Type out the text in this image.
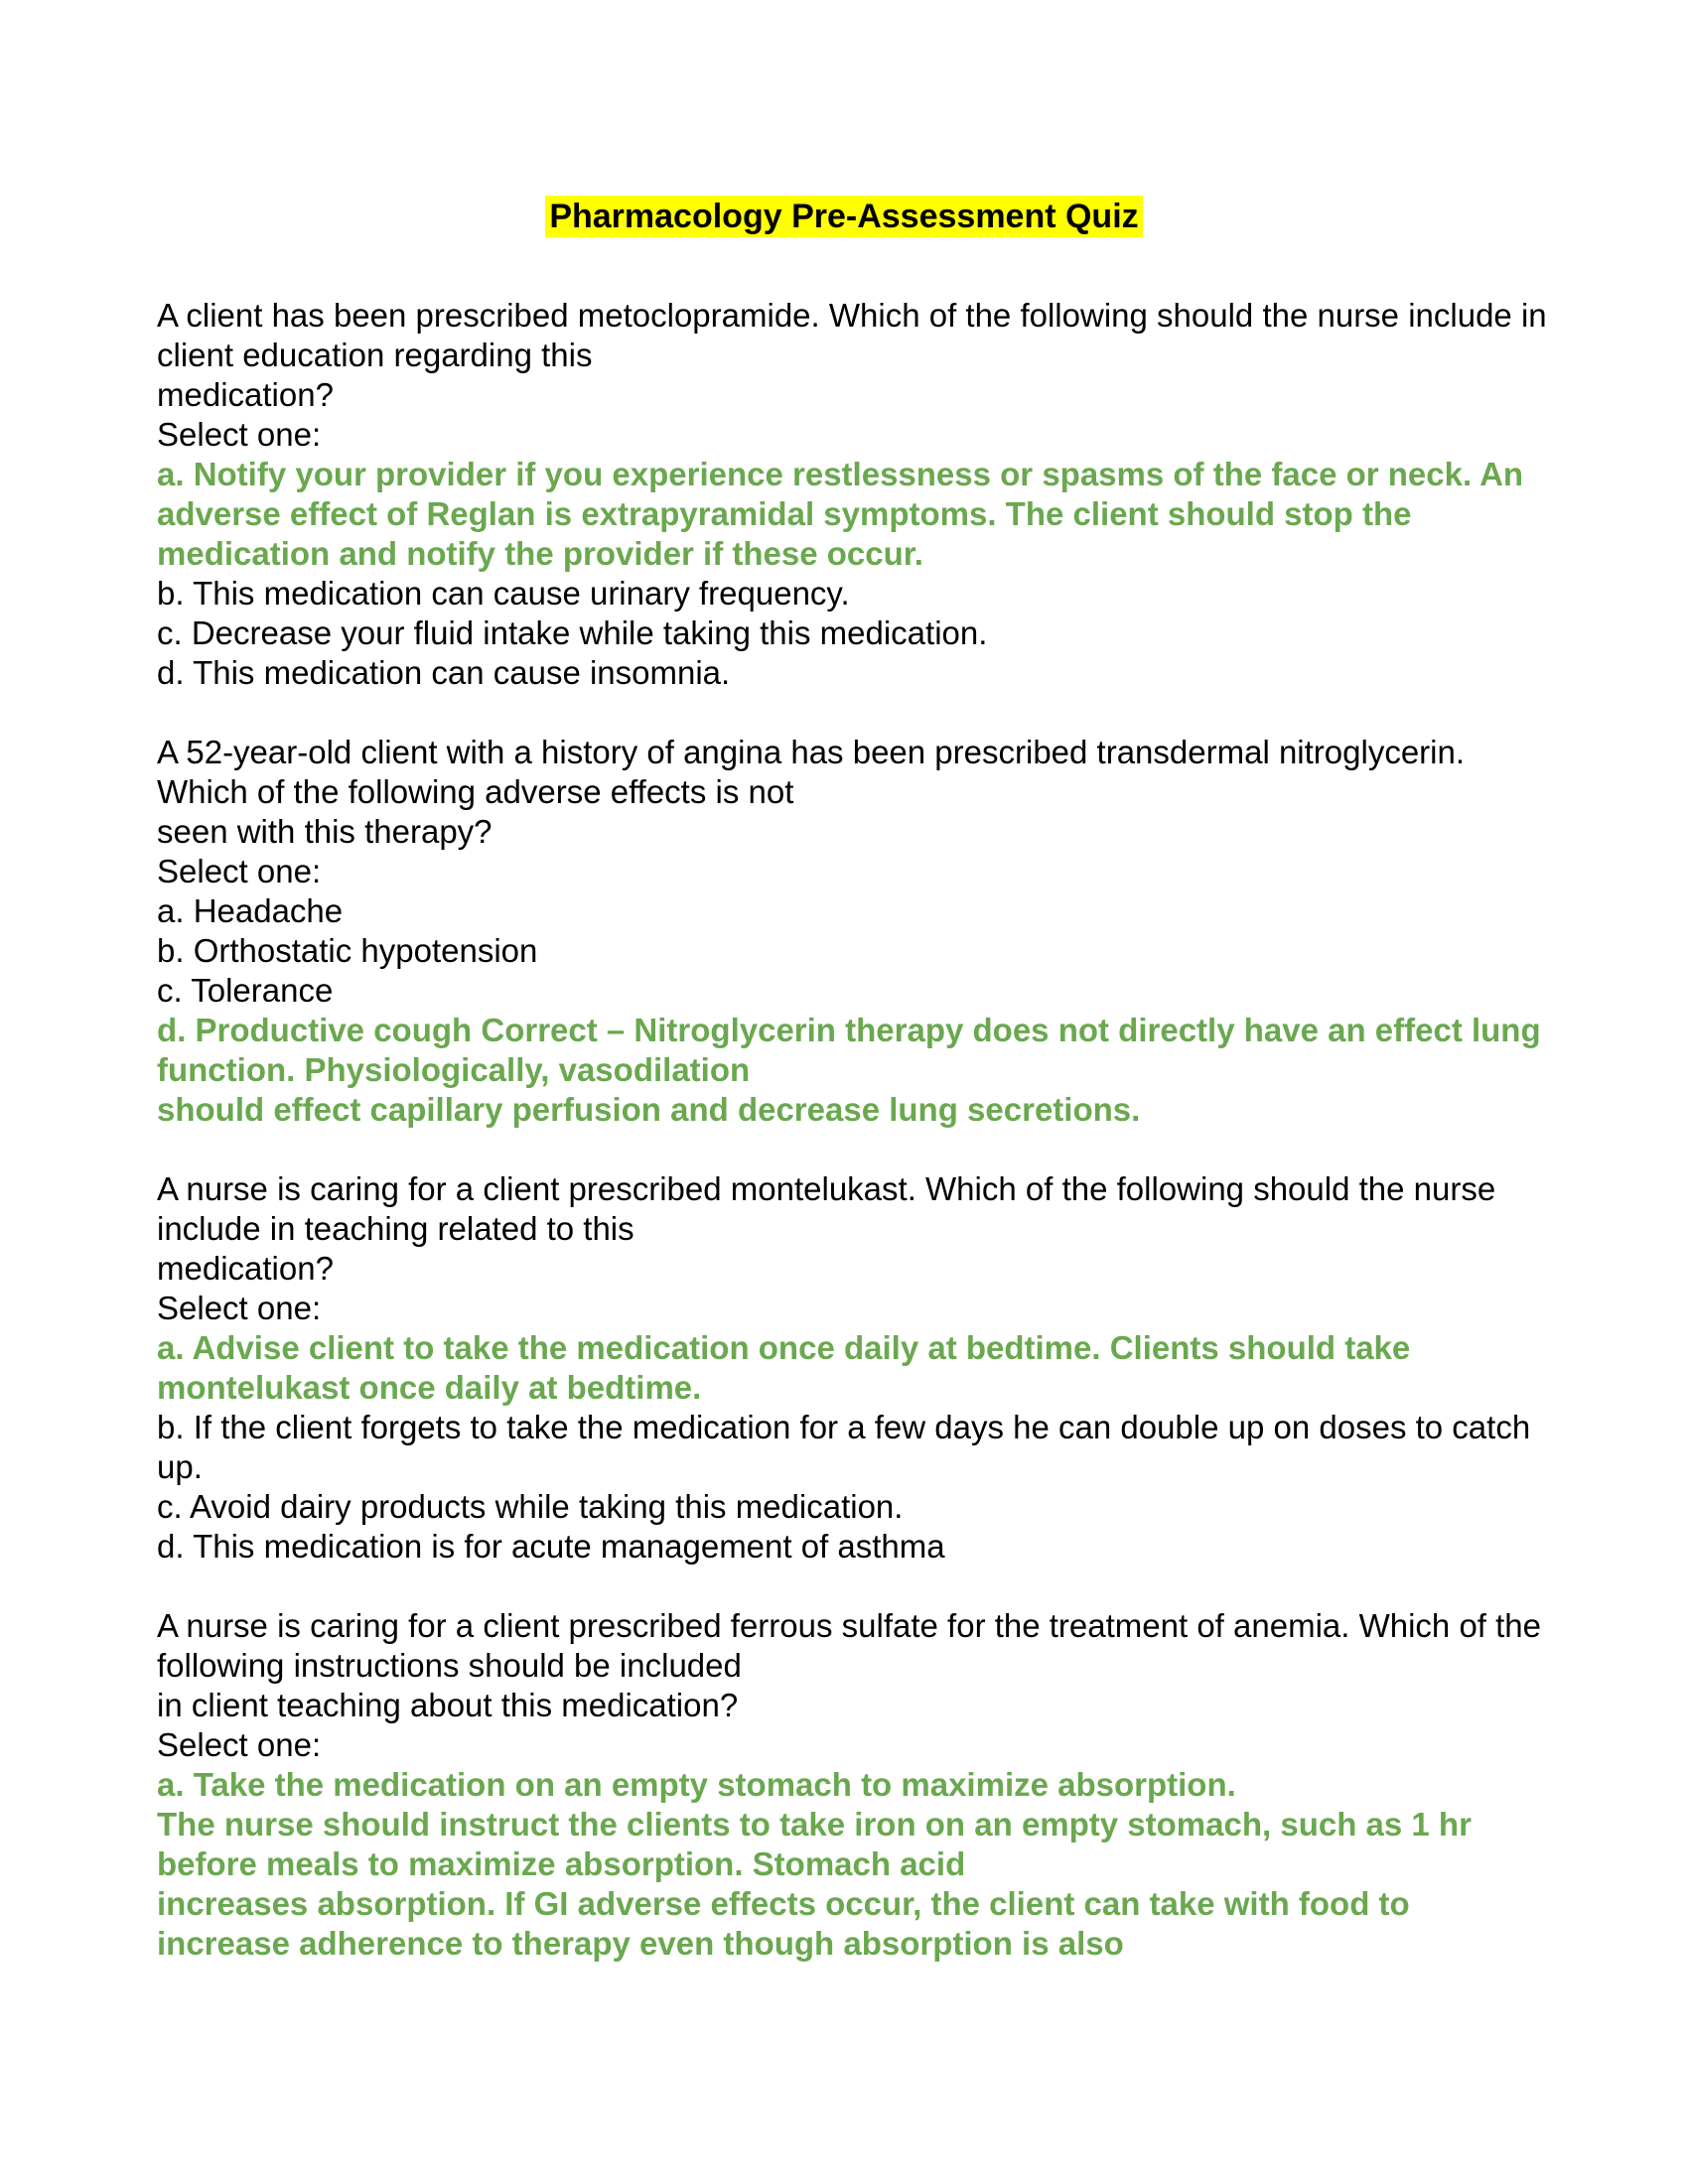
Pharmacology Pre-Assessment Quiz
A client has been prescribed metoclopramide. Which of the following should the nurse include in
client education regarding this
medication?
Select one:
a. Notify your provider if you experience restlessness or spasms of the face or neck. An
adverse effect of Reglan is extrapyramidal symptoms. The client should stop the
medication and notify the provider if these occur.
b. This medication can cause urinary frequency.
c. Decrease your fluid intake while taking this medication.
d. This medication can cause insomnia.
A 52-year-old client with a history of angina has been prescribed transdermal nitroglycerin.
Which of the following adverse effects is not
seen with this therapy?
Select one:
a. Headache
b. Orthostatic hypotension
c. Tolerance
d. Productive cough Correct – Nitroglycerin therapy does not directly have an effect lung
function. Physiologically, vasodilation
should effect capillary perfusion and decrease lung secretions.
A nurse is caring for a client prescribed montelukast. Which of the following should the nurse
include in teaching related to this
medication?
Select one:
a. Advise client to take the medication once daily at bedtime. Clients should take
montelukast once daily at bedtime.
b. If the client forgets to take the medication for a few days he can double up on doses to catch
up.
c. Avoid dairy products while taking this medication.
d. This medication is for acute management of asthma
A nurse is caring for a client prescribed ferrous sulfate for the treatment of anemia. Which of the
following instructions should be included
in client teaching about this medication?
Select one:
a. Take the medication on an empty stomach to maximize absorption.
The nurse should instruct the clients to take iron on an empty stomach, such as 1 hr
before meals to maximize absorption. Stomach acid
increases absorption. If GI adverse effects occur, the client can take with food to
increase adherence to therapy even though absorption is also
